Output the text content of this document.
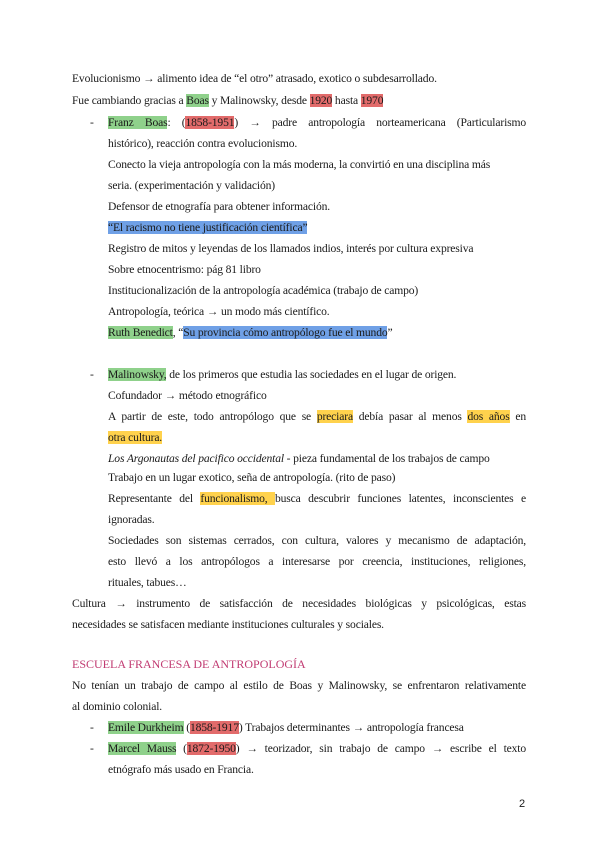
Evolucionismo → alimento idea de “el otro” atrasado, exotico o subdesarrollado.
Fue cambiando gracias a Boas y Malinowsky, desde 1920 hasta 1970
- Franz Boas: (1858-1951) → padre antropología norteamericana (Particularismo
histórico), reacción contra evolucionismo.
Conecto la vieja antropología con la más moderna, la convirtió en una disciplina más
seria. (experimentación y validación)
Defensor de etnografía para obtener información.
“El racismo no tiene justificación científica”
Registro de mitos y leyendas de los llamados indios, interés por cultura expresiva
Sobre etnocentrismo: pág 81 libro
Institucionalización de la antropología académica (trabajo de campo)
Antropología, teórica → un modo más científico.
Ruth Benedict, “Su provincia cómo antropólogo fue el mundo”
- Malinowsky, de los primeros que estudia las sociedades en el lugar de origen.
Cofundador → método etnográfico
A partir de este, todo antropólogo que se preciara debía pasar al menos dos años en
otra cultura.
Los Argonautas del pacifico occidental - pieza fundamental de los trabajos de campo
Trabajo en un lugar exotico, seña de antropología. (rito de paso)
Representante del funcionalismo, busca descubrir funciones latentes, inconscientes e
ignoradas.
Sociedades son sistemas cerrados, con cultura, valores y mecanismo de adaptación,
esto llevó a los antropólogos a interesarse por creencia, instituciones, religiones,
rituales, tabues…
Cultura → instrumento de satisfacción de necesidades biológicas y psicológicas, estas
necesidades se satisfacen mediante instituciones culturales y sociales.
ESCUELA FRANCESA DE ANTROPOLOGÍA
No tenían un trabajo de campo al estilo de Boas y Malinowsky, se enfrentaron relativamente
al dominio colonial.
- Emile Durkheim (1858-1917) Trabajos determinantes → antropología francesa
- Marcel Mauss (1872-1950) → teorizador, sin trabajo de campo → escribe el texto
etnógrafo más usado en Francia.
2
